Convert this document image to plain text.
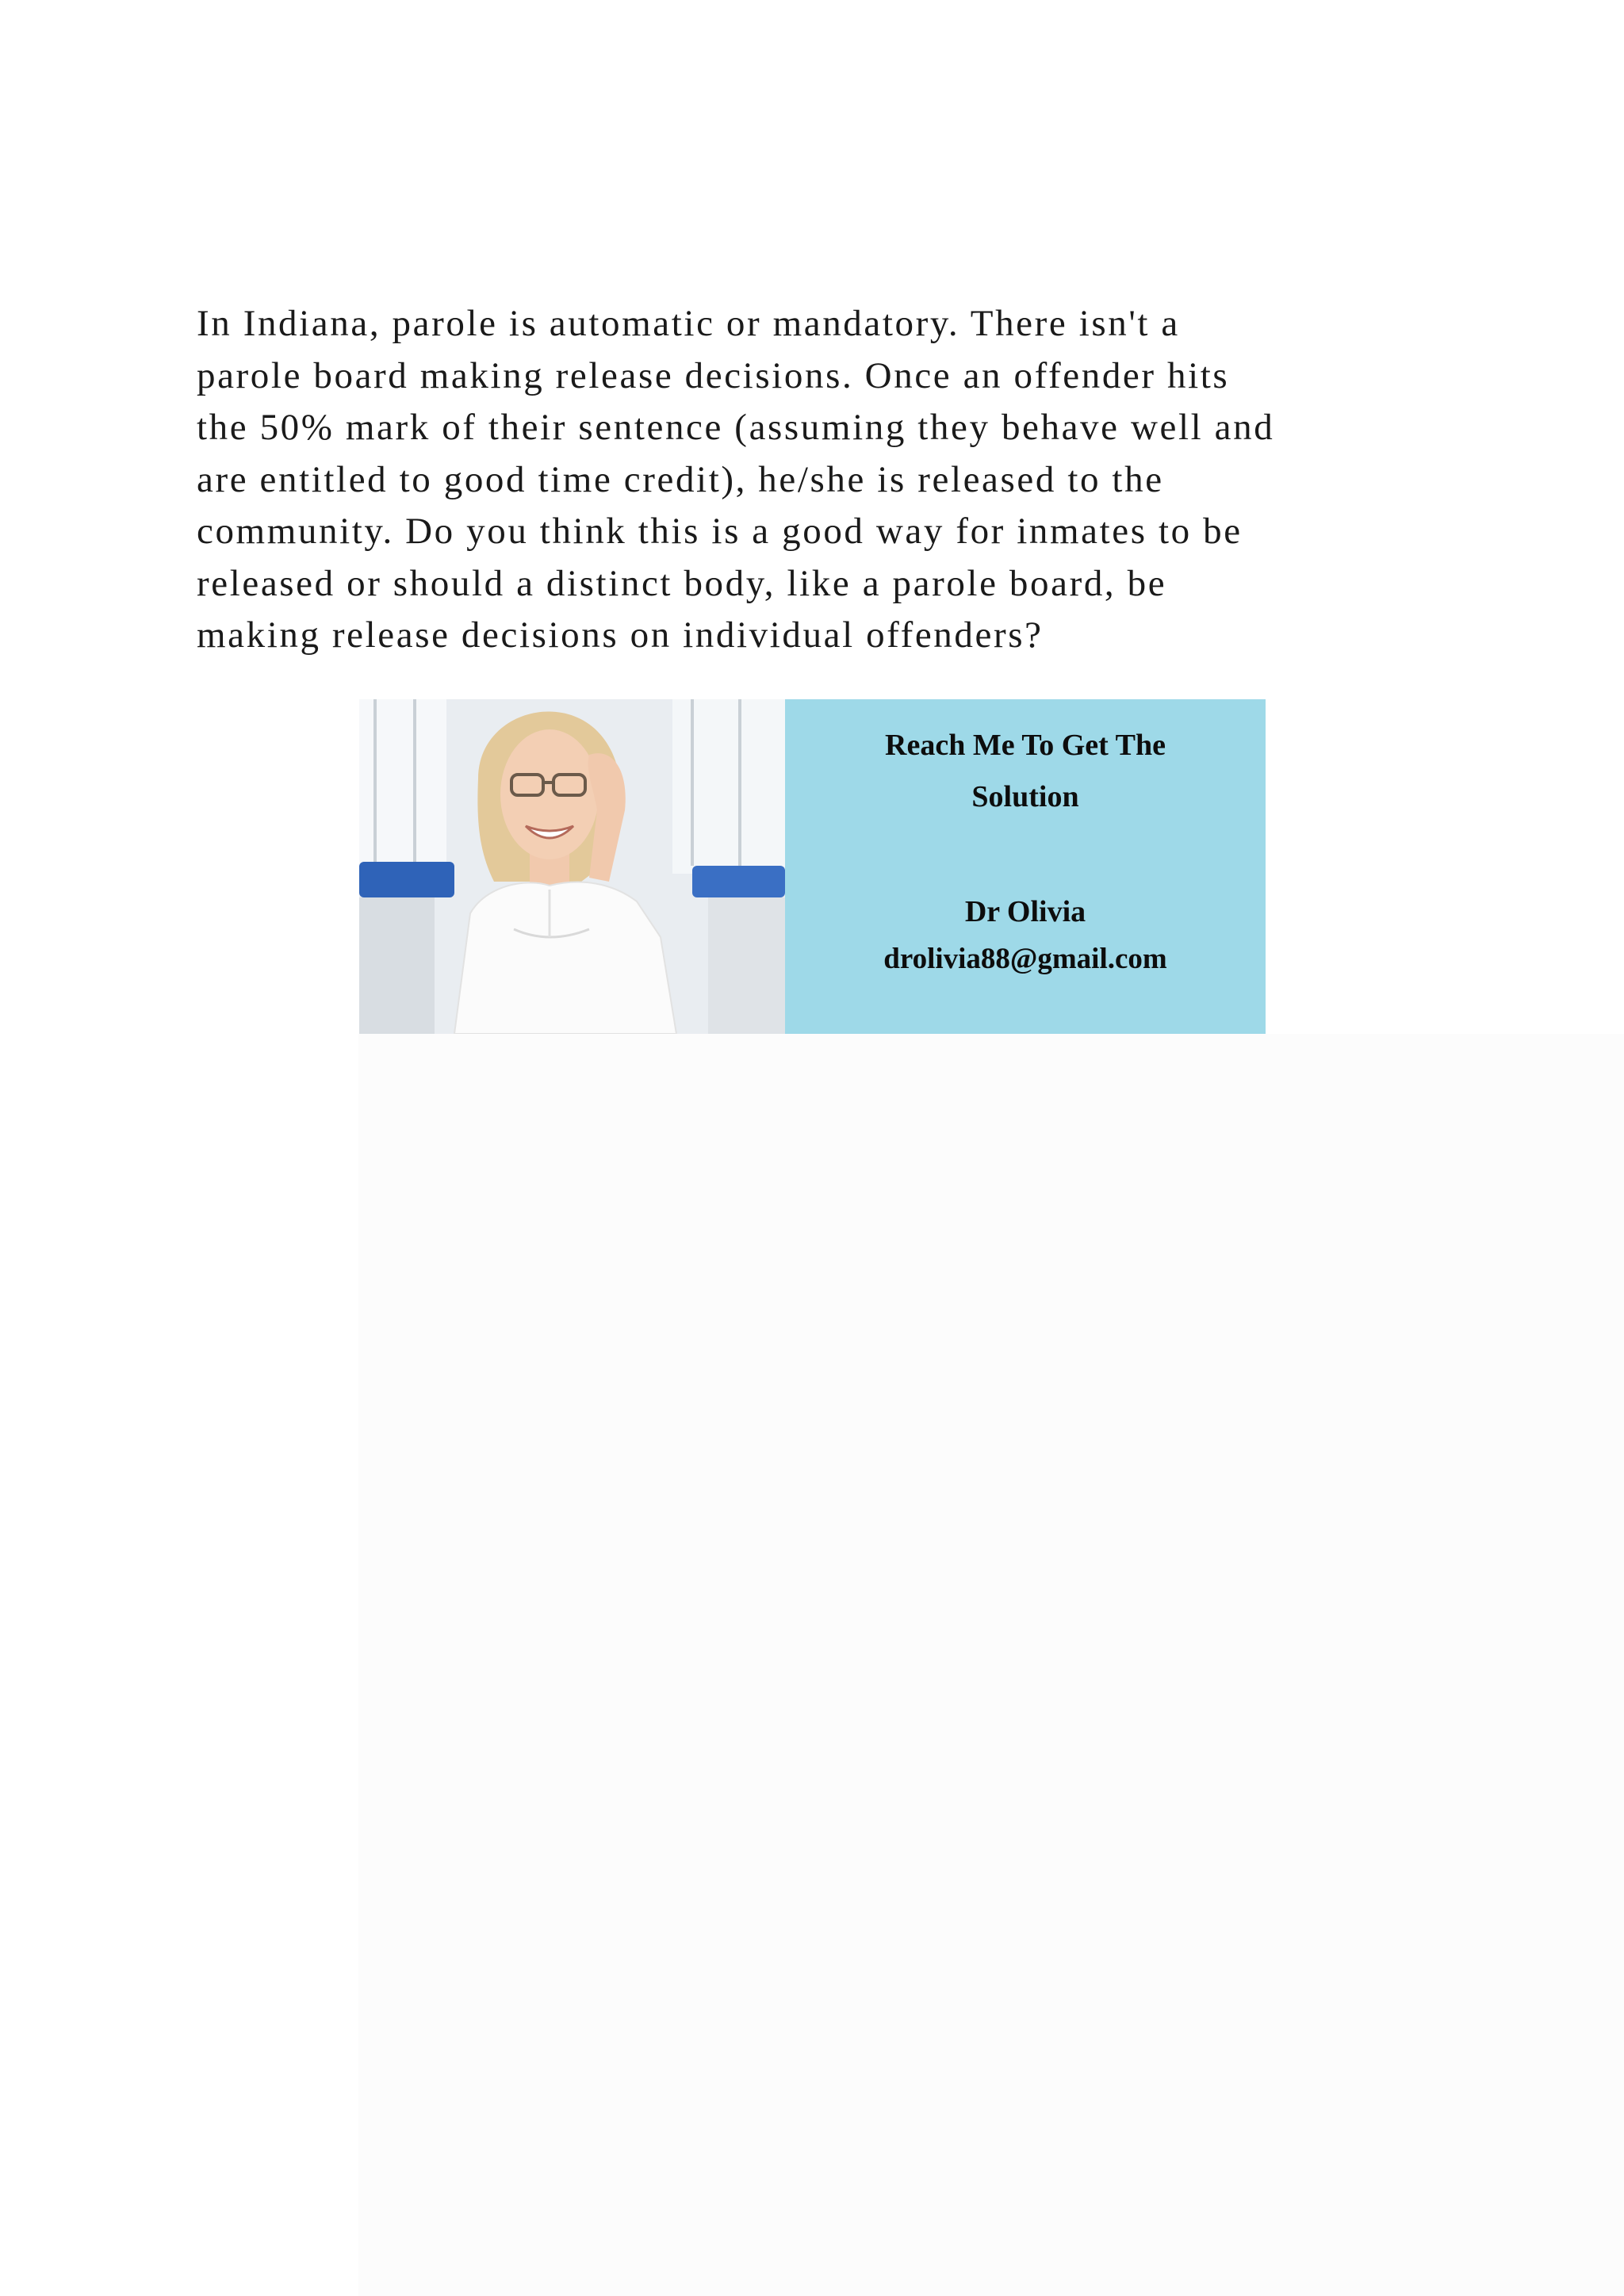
In Indiana, parole is automatic or mandatory. There isn't a
parole board making release decisions. Once an offender hits
the 50% mark of their sentence (assuming they behave well and
are entitled to good time credit), he/she is released to the
community. Do you think this is a good way for inmates to be
released or should a distinct body, like a parole board, be
making release decisions on individual offenders?

Reach Me To Get The
Solution
Dr Olivia
drolivia88@gmail.com
